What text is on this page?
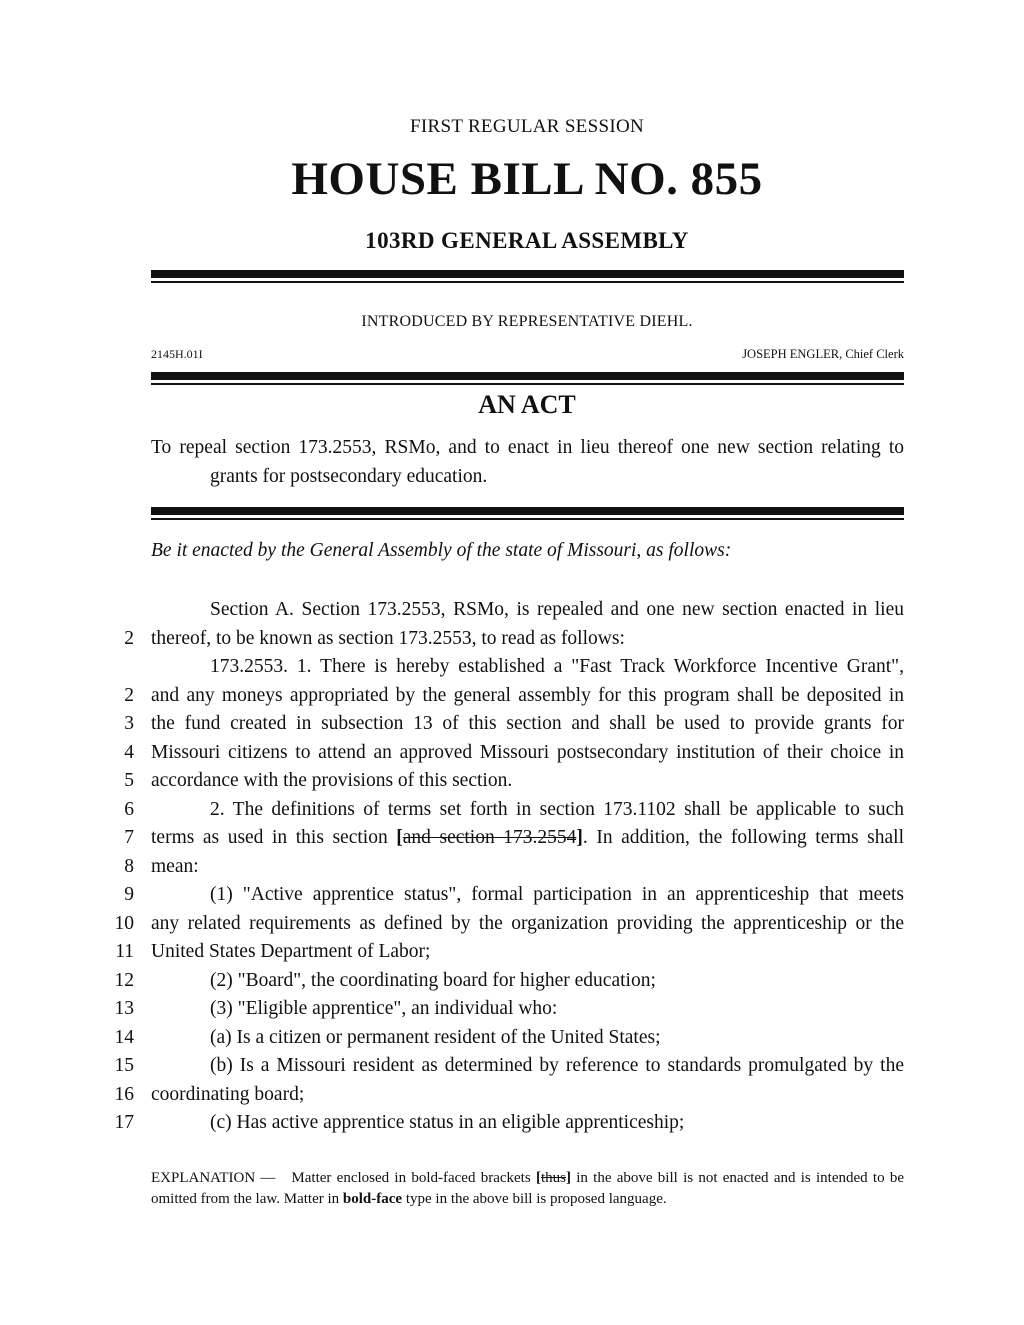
FIRST REGULAR SESSION
HOUSE BILL NO. 855
103RD GENERAL ASSEMBLY
INTRODUCED BY REPRESENTATIVE DIEHL.
2145H.01I	JOSEPH ENGLER, Chief Clerk
AN ACT
To repeal section 173.2553, RSMo, and to enact in lieu thereof one new section relating to
grants for postsecondary education.
Be it enacted by the General Assembly of the state of Missouri, as follows:
Section A. Section 173.2553, RSMo, is repealed and one new section enacted in lieu
2 thereof, to be known as section 173.2553, to read as follows:
173.2553. 1. There is hereby established a "Fast Track Workforce Incentive Grant",
2 and any moneys appropriated by the general assembly for this program shall be deposited in
3 the fund created in subsection 13 of this section and shall be used to provide grants for
4 Missouri citizens to attend an approved Missouri postsecondary institution of their choice in
5 accordance with the provisions of this section.
6	2. The definitions of terms set forth in section 173.1102 shall be applicable to such
7 terms as used in this section [and section 173.2554]. In addition, the following terms shall
8 mean:
9	(1) "Active apprentice status", formal participation in an apprenticeship that meets
10 any related requirements as defined by the organization providing the apprenticeship or the
11 United States Department of Labor;
12	(2) "Board", the coordinating board for higher education;
13	(3) "Eligible apprentice", an individual who:
14	(a) Is a citizen or permanent resident of the United States;
15	(b) Is a Missouri resident as determined by reference to standards promulgated by the
16 coordinating board;
17	(c) Has active apprentice status in an eligible apprenticeship;
EXPLANATION — Matter enclosed in bold-faced brackets [thus] in the above bill is not enacted and is intended to be omitted from the law. Matter in bold-face type in the above bill is proposed language.
